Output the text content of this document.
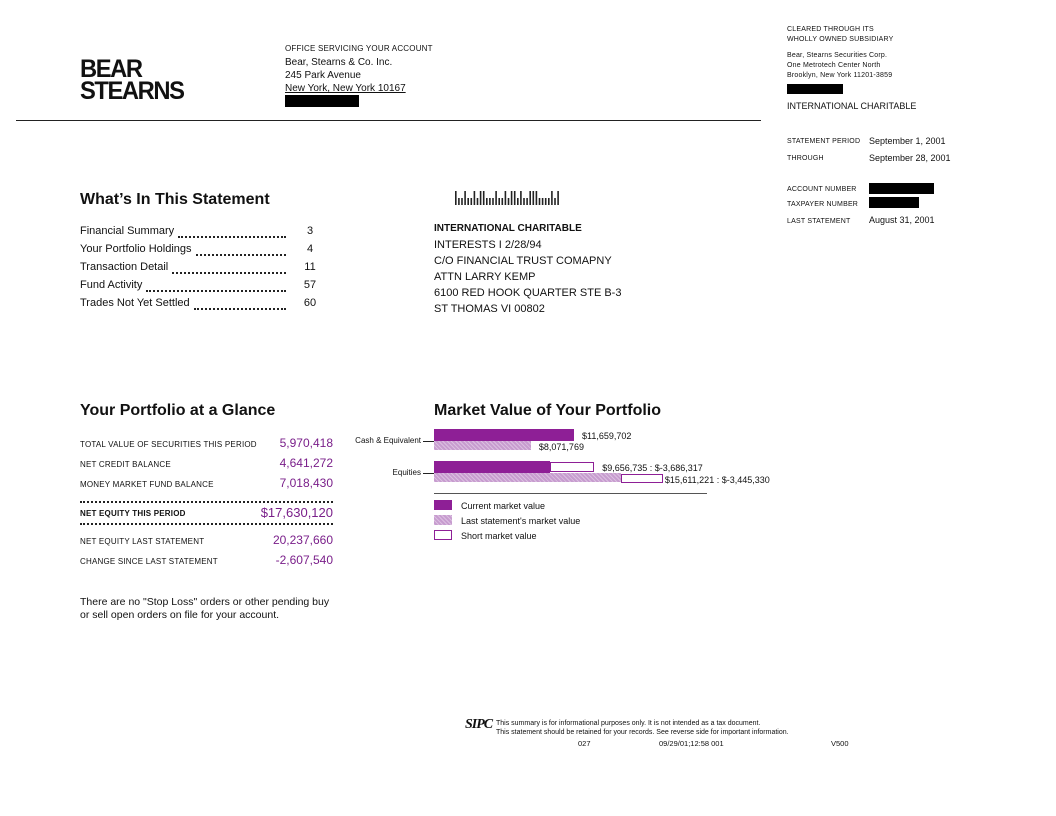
BEAR
STEARNS
OFFICE SERVICING YOUR ACCOUNT
Bear, Stearns & Co. Inc.
245 Park Avenue
New York, New York 10167
CLEARED THROUGH ITS
WHOLLY OWNED SUBSIDIARY
Bear, Stearns Securities Corp.
One Metrotech Center North
Brooklyn, New York 11201-3859
INTERNATIONAL CHARITABLE
STATEMENT PERIOD September 1, 2001
THROUGH	September 28, 2001
ACCOUNT NUMBER
TAXPAYER NUMBER
LAST STATEMENT August 31, 2001
What’s In This Statement
Financial Summary	3
Your Portfolio Holdings	4
Transaction Detail	11
Fund Activity	57
Trades Not Yet Settled	60
INTERNATIONAL CHARITABLE
INTERESTS I 2/28/94
C/O FINANCIAL TRUST COMAPNY
ATTN LARRY KEMP
6100 RED HOOK QUARTER STE B-3
ST THOMAS VI 00802
Your Portfolio at a Glance
TOTAL VALUE OF SECURITIES THIS PERIOD 5,970,418
NET CREDIT BALANCE	4,641,272
MONEY MARKET FUND BALANCE	7,018,430
NET EQUITY THIS PERIOD	$17,630,120
NET EQUITY LAST STATEMENT	20,237,660
CHANGE SINCE LAST STATEMENT	-2,607,540
There are no "Stop Loss" orders or other pending buy
or sell open orders on file for your account.
Market Value of Your Portfolio
Cash & Equivalent	$11,659,702
$8,071,769
Equities	$9,656,735 : $-3,686,317
$15,611,221 : $-3,445,330
Current market value
Last statement's market value
Short market value
SIPC This summary is for informational purposes only. It is not intended as a tax document.
This statement should be retained for your records. See reverse side for important information.
027	09/29/01;12:58 001	V500
